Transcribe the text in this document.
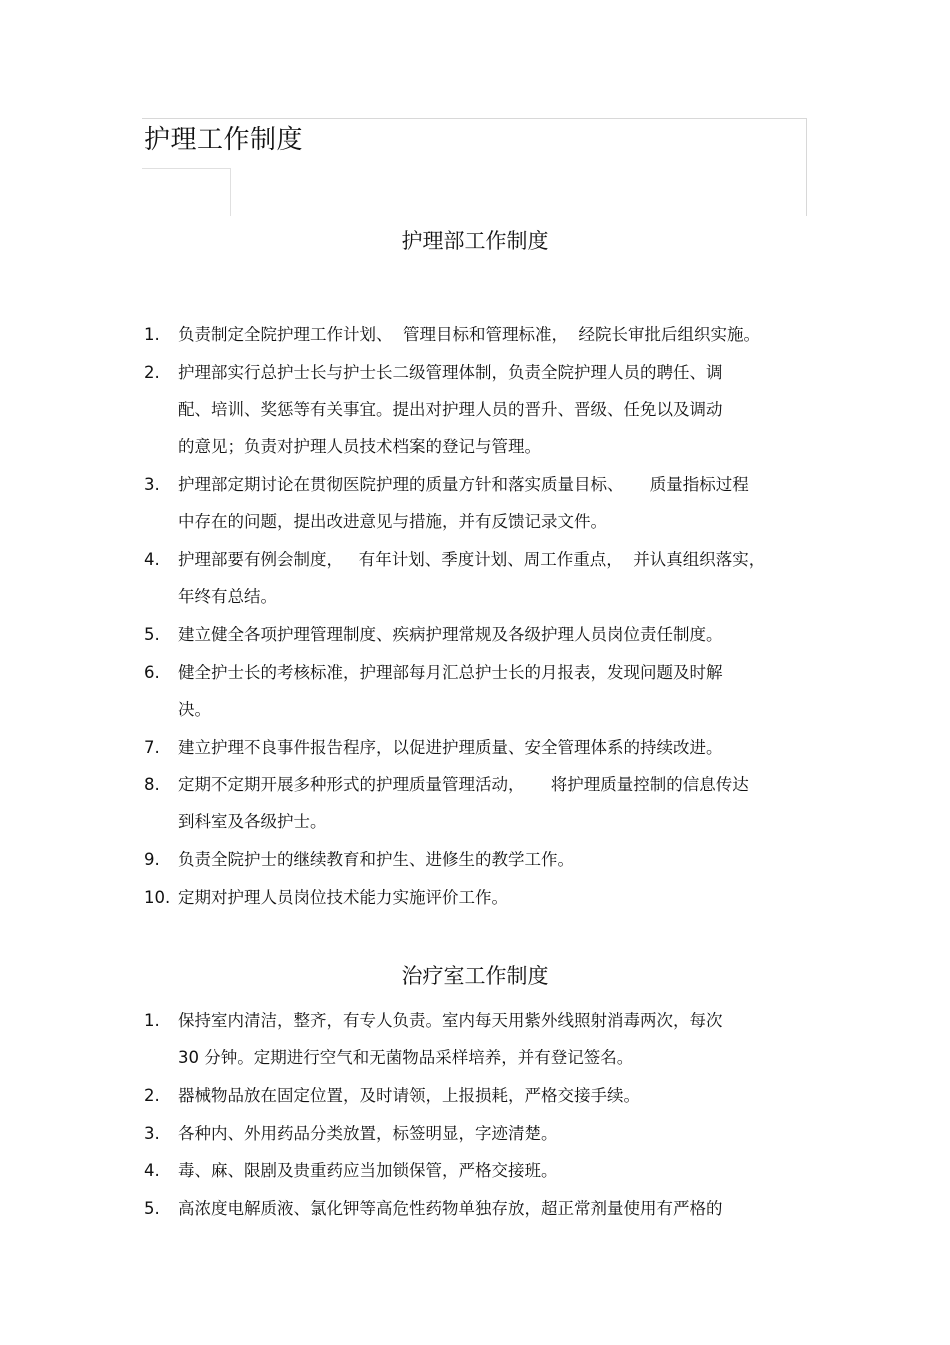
护理工作制度
护理部工作制度
1. 负责制定全院护理工作计划、  管理目标和管理标准，  经院长审批后组织实施。
2. 护理部实行总护士长与护士长二级管理体制，负责全院护理人员的聘任、调
配、培训、奖惩等有关事宜。提出对护理人员的晋升、晋级、任免以及调动
的意见；负责对护理人员技术档案的登记与管理。
3. 护理部定期讨论在贯彻医院护理的质量方针和落实质量目标、     质量指标过程
中存在的问题，提出改进意见与措施，并有反馈记录文件。
4. 护理部要有例会制度，   有年计划、季度计划、周工作重点，  并认真组织落实，
年终有总结。
5. 建立健全各项护理管理制度、疾病护理常规及各级护理人员岗位责任制度。
6. 健全护士长的考核标准，护理部每月汇总护士长的月报表，发现问题及时解
决。
7. 建立护理不良事件报告程序，以促进护理质量、安全管理体系的持续改进。
8. 定期不定期开展多种形式的护理质量管理活动，     将护理质量控制的信息传达
到科室及各级护士。
9. 负责全院护士的继续教育和护生、进修生的教学工作。
10. 定期对护理人员岗位技术能力实施评价工作。
治疗室工作制度
1. 保持室内清洁，整齐，有专人负责。室内每天用紫外线照射消毒两次，每次
30 分钟。定期进行空气和无菌物品采样培养，并有登记签名。
2. 器械物品放在固定位置，及时请领，上报损耗，严格交接手续。
3. 各种内、外用药品分类放置，标签明显，字迹清楚。
4. 毒、麻、限剧及贵重药应当加锁保管，严格交接班。
5. 高浓度电解质液、氯化钾等高危性药物单独存放，超正常剂量使用有严格的
